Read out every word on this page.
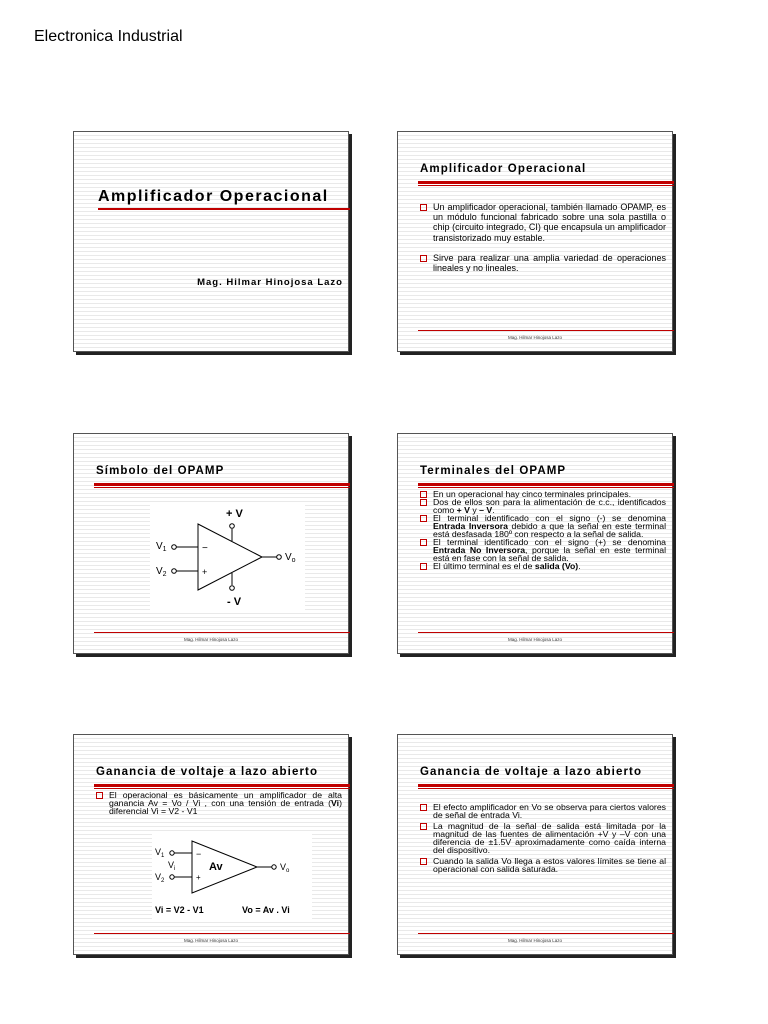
Electronica Industrial
Amplificador Operacional
Mag. Hilmar Hinojosa Lazo
Amplificador Operacional
Un amplificador operacional, también llamado OPAMP, es un módulo funcional fabricado sobre una sola pastilla o chip (circuito integrado, CI) que encapsula un amplificador transistorizado muy estable.
Sirve para realizar una amplia variedad de operaciones lineales y no lineales.
Mag. Hilmar Hinojosa Lazo
Símbolo del OPAMP
−
+
+ V
- V
$V_1$
$V_2$
$V_o$
Mag. Hilmar Hinojosa Lazo
Terminales del OPAMP
En un operacional hay cinco terminales principales.
Dos de ellos son para la alimentación de c.c., identificados como + V y – V.
El terminal identificado con el signo (-) se denomina Entrada Inversora debido a que la señal en este terminal está desfasada 180º con respecto a la señal de salida.
El terminal identificado con el signo (+) se denomina Entrada No Inversora, porque la señal en este terminal está en fase con la señal de salida.
El último terminal es el de salida (Vo).
Mag. Hilmar Hinojosa Lazo
Ganancia de voltaje a lazo abierto
El operacional es básicamente un amplificador de alta ganancia Av = Vo / Vi , con una tensión de entrada (Vi) diferencial Vi = V2 - V1
−
+
Av
$V_1$
$V_i$
$V_2$
$V_o$
Vi = V2 - V1	Vo = Av . Vi
Mag. Hilmar Hinojosa Lazo
Ganancia de voltaje a lazo abierto
El efecto amplificador en Vo se observa para ciertos valores de señal de entrada Vi.
La magnitud de la señal de salida está limitada por la magnitud de las fuentes de alimentación +V y –V con una diferencia de ±1.5V aproximadamente como caída interna del dispositivo.
Cuando la salida Vo llega a estos valores límites se tiene al operacional con salida saturada.
Mag. Hilmar Hinojosa Lazo
